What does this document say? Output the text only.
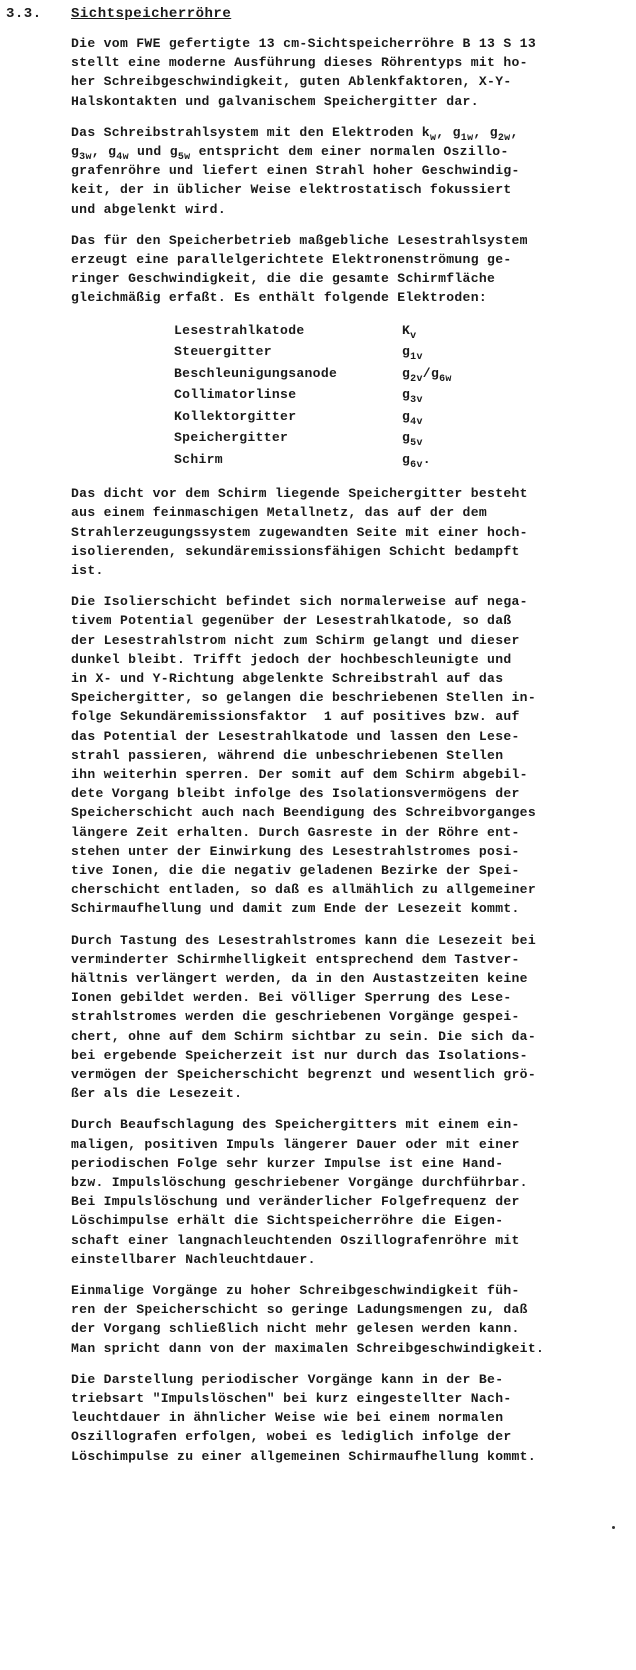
3.3. Sichtspeicherröhre

Die vom FWE gefertigte 13 cm-Sichtspeicherröhre B 13 S 13
stellt eine moderne Ausführung dieses Röhrentyps mit ho-
her Schreibgeschwindigkeit, guten Ablenkfaktoren, X-Y-
Halskontakten und galvanischem Speichergitter dar.

Das Schreibstrahlsystem mit den Elektroden $k_w$, $g_{1w}$, $g_{2w}$,
$g_{3w}$, $g_{4w}$ und $g_{5w}$ entspricht dem einer normalen Oszillo-
grafenröhre und liefert einen Strahl hoher Geschwindig-
keit, der in üblicher Weise elektrostatisch fokussiert
und abgelenkt wird.

Das für den Speicherbetrieb maßgebliche Lesestrahlsystem
erzeugt eine parallelgerichtete Elektronenströmung ge-
ringer Geschwindigkeit, die die gesamte Schirmfläche
gleichmäßig erfaßt. Es enthält folgende Elektroden:

Lesestrahlkatode	$K_v$
Steuergitter	$g_{1v}$
Beschleunigungsanode	$g_{2v}/g_{6w}$
Collimatorlinse	$g_{3v}$
Kollektorgitter	$g_{4v}$
Speichergitter	$g_{5v}$
Schirm	$g_{6v}$.

Das dicht vor dem Schirm liegende Speichergitter besteht
aus einem feinmaschigen Metallnetz, das auf der dem
Strahlerzeugungssystem zugewandten Seite mit einer hoch-
isolierenden, sekundäremissionsfähigen Schicht bedampft
ist.

Die Isolierschicht befindet sich normalerweise auf nega-
tivem Potential gegenüber der Lesestrahlkatode, so daß
der Lesestrahlstrom nicht zum Schirm gelangt und dieser
dunkel bleibt. Trifft jedoch der hochbeschleunigte und
in X- und Y-Richtung abgelenkte Schreibstrahl auf das
Speichergitter, so gelangen die beschriebenen Stellen in-
folge Sekundäremissionsfaktor  1 auf positives bzw. auf
das Potential der Lesestrahlkatode und lassen den Lese-
strahl passieren, während die unbeschriebenen Stellen
ihn weiterhin sperren. Der somit auf dem Schirm abgebil-
dete Vorgang bleibt infolge des Isolationsvermögens der
Speicherschicht auch nach Beendigung des Schreibvorganges
längere Zeit erhalten. Durch Gasreste in der Röhre ent-
stehen unter der Einwirkung des Lesestrahlstromes posi-
tive Ionen, die die negativ geladenen Bezirke der Spei-
cherschicht entladen, so daß es allmählich zu allgemeiner
Schirmaufhellung und damit zum Ende der Lesezeit kommt.

Durch Tastung des Lesestrahlstromes kann die Lesezeit bei
verminderter Schirmhelligkeit entsprechend dem Tastver-
hältnis verlängert werden, da in den Austastzeiten keine
Ionen gebildet werden. Bei völliger Sperrung des Lese-
strahlstromes werden die geschriebenen Vorgänge gespei-
chert, ohne auf dem Schirm sichtbar zu sein. Die sich da-
bei ergebende Speicherzeit ist nur durch das Isolations-
vermögen der Speicherschicht begrenzt und wesentlich grö-
ßer als die Lesezeit.

Durch Beaufschlagung des Speichergitters mit einem ein-
maligen, positiven Impuls längerer Dauer oder mit einer
periodischen Folge sehr kurzer Impulse ist eine Hand-
bzw. Impulslöschung geschriebener Vorgänge durchführbar.
Bei Impulslöschung und veränderlicher Folgefrequenz der
Löschimpulse erhält die Sichtspeicherröhre die Eigen-
schaft einer langnachleuchtenden Oszillografenröhre mit
einstellbarer Nachleuchtdauer.

Einmalige Vorgänge zu hoher Schreibgeschwindigkeit füh-
ren der Speicherschicht so geringe Ladungsmengen zu, daß
der Vorgang schließlich nicht mehr gelesen werden kann.
Man spricht dann von der maximalen Schreibgeschwindigkeit.

Die Darstellung periodischer Vorgänge kann in der Be-
triebsart "Impulslöschen" bei kurz eingestellter Nach-
leuchtdauer in ähnlicher Weise wie bei einem normalen
Oszillografen erfolgen, wobei es lediglich infolge der
Löschimpulse zu einer allgemeinen Schirmaufhellung kommt.
